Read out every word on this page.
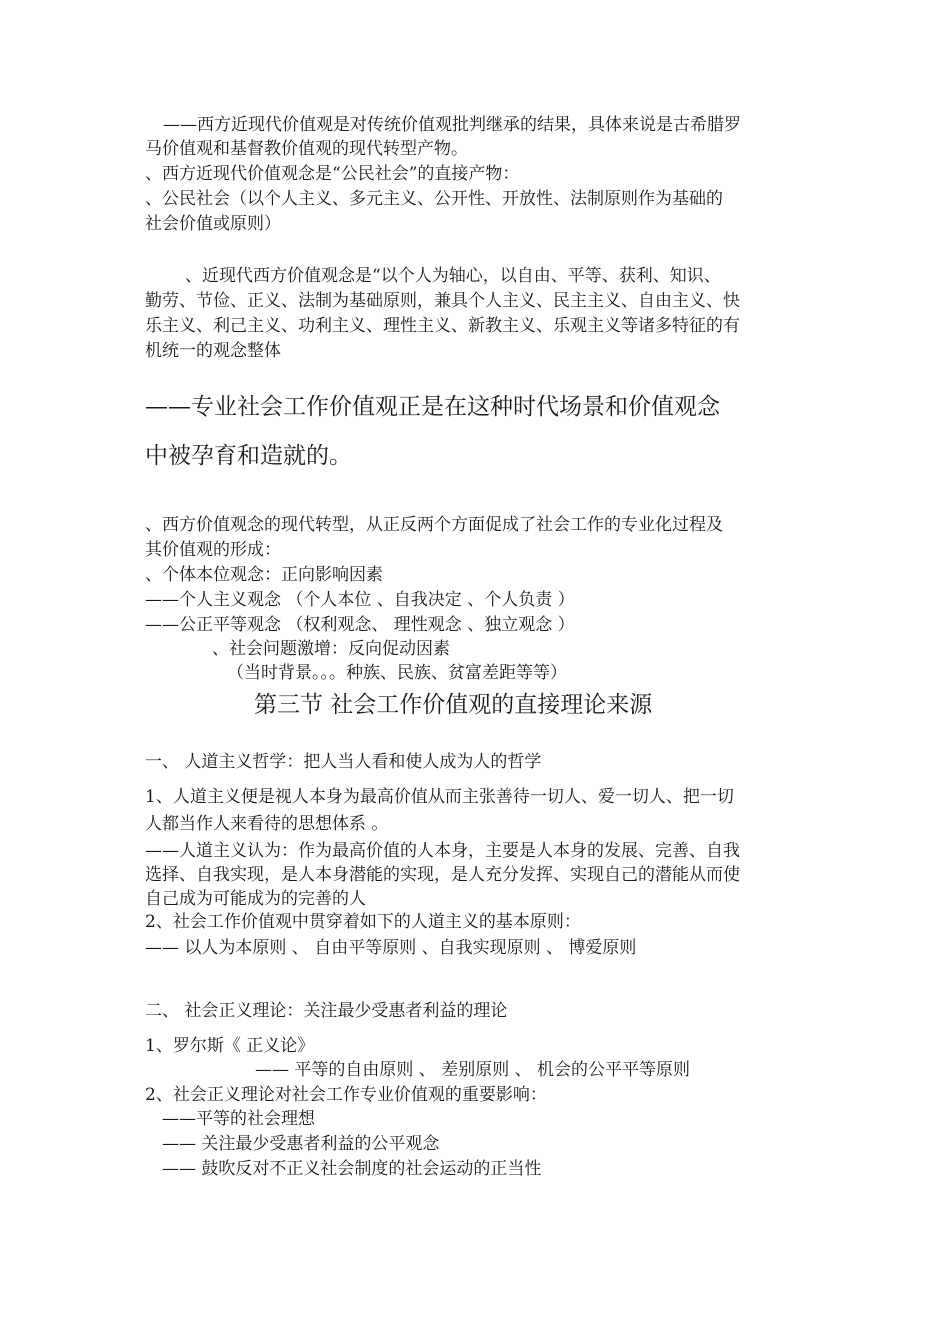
——西方近现代价值观是对传统价值观批判继承的结果，具体来说是古希腊罗
马价值观和基督教价值观的现代转型产物。
、西方近现代价值观念是“公民社会”的直接产物：
、公民社会（以个人主义、多元主义、公开性、开放性、法制原则作为基础的
社会价值或原则）
、近现代西方价值观念是“以个人为轴心，以自由、平等、获利、知识、
勤劳、节俭、正义、法制为基础原则，兼具个人主义、民主主义、自由主义、快
乐主义、利己主义、功利主义、理性主义、新教主义、乐观主义等诸多特征的有
机统一的观念整体
——专业社会工作价值观正是在这种时代场景和价值观念
中被孕育和造就的。
、西方价值观念的现代转型，从正反两个方面促成了社会工作的专业化过程及
其价值观的形成：
、个体本位观念：正向影响因素
——个人主义观念 （个人本位 、自我决定 、个人负责 ）
——公正平等观念 （权利观念、 理性观念 、独立观念 ）
、社会问题激增：反向促动因素
（当时背景。。。种族、民族、贫富差距等等）
第三节 社会工作价值观的直接理论来源
一、 人道主义哲学：把人当人看和使人成为人的哲学
1、人道主义便是视人本身为最高价值从而主张善待一切人、爱一切人、把一切
人都当作人来看待的思想体系 。
——人道主义认为：作为最高价值的人本身，主要是人本身的发展、完善、自我
选择、自我实现，是人本身潜能的实现，是人充分发挥、实现自己的潜能从而使
自己成为可能成为的完善的人
2、社会工作价值观中贯穿着如下的人道主义的基本原则：
—— 以人为本原则 、 自由平等原则 、自我实现原则 、 博爱原则
二、 社会正义理论：关注最少受惠者利益的理论
1、罗尔斯《 正义论》
—— 平等的自由原则 、 差别原则 、 机会的公平平等原则
2、社会正义理论对社会工作专业价值观的重要影响：
——平等的社会理想
—— 关注最少受惠者利益的公平观念
—— 鼓吹反对不正义社会制度的社会运动的正当性
